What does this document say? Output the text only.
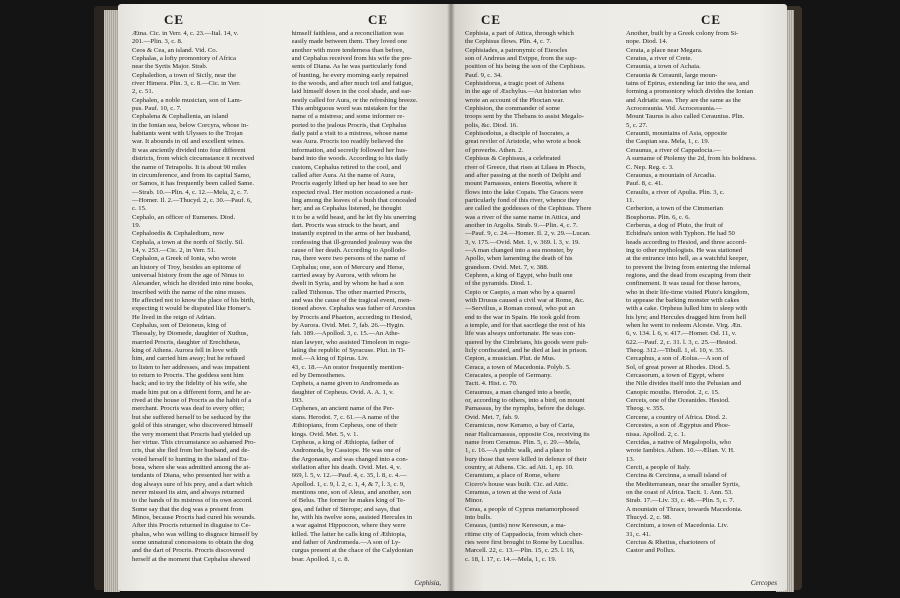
CE	CE
Ætna. Cic. in Verr. 4, c. 23.—Ital. 14, v.
201.—Plin. 3, c. 8.
Ceos & Cea, an island. Vid. Co.
Cephalas, a lofty promontory of Africa
near the Syrtis Major. Strab.
Cephaledion, a town of Sicily, near the
river Himera. Plin. 3, c. 8.—Cic. in Verr.
2, c. 51.
Cephalen, a noble musician, son of Lam-
pus. Pauf. 10, c. 7.
Cephalena & Cephallenia, an island
in the Ionian sea, below Corcyra, whose in-
habitants went with Ulysses to the Trojan
war. It abounds in oil and excellent wines.
It was anciently divided into four different
districts, from which circumstance it received
the name of Tetrapolis. It is about 90 miles
in circumference, and from its capital Samo,
or Samos, it has frequently been called Same.
—Strab. 10.—Plin. 4, c. 12.—Mela, 2, c. 7.
—Homer. Il. 2.—Thucyd. 2, c. 30.—Pauf. 6,
c. 15.
Cephalo, an officer of Eumenes. Diod.
19.
Cephaloedis & Cephaledium, now
Cephala, a town at the north of Sicily. Sil.
14, v. 253.—Cic. 2, in Verr. 51.
Cephalon, a Greek of Ionia, who wrote
an history of Troy, besides an epitome of
universal history from the age of Ninus to
Alexander, which he divided into nine books,
inscribed with the name of the nine muses.
He affected not to know the place of his birth,
expecting it would be disputed like Homer's.
He lived in the reign of Adrian.
Cephalus, son of Deioneus, king of
Thessaly, by Diomede, daughter of Xuthus,
married Procris, daughter of Erechtheus,
king of Athens. Aurora fell in love with
him, and carried him away; but he refused
to listen to her addresses, and was impatient
to return to Procris. The goddess sent him
back; and to try the fidelity of his wife, she
made him put on a different form, and he ar-
rived at the house of Procris as the habit of a
merchant. Procris was deaf to every offer;
but she suffered herself to be seduced by the
gold of this stranger, who discovered himself
the very moment that Procris had yielded up
her virtue. This circumstance so ashamed Pro-
cris, that she fled from her husband, and de-
voted herself to hunting in the island of Eu-
boea, where she was admitted among the at-
tendants of Diana, who presented her with a
dog always sure of his prey, and a dart which
never missed its aim, and always returned
to the hands of its mistress of its own accord.
Some say that the dog was a present from
Minos, because Procris had cured his wounds.
After this Procris returned in disguise to Ce-
phalus, who was willing to disgrace himself by
some unnatural concessions to obtain the dog
and the dart of Procris. Procris discovered
herself at the moment that Cephalus shewed
himself faithless, and a reconciliation was
easily made between them. They loved one
another with more tenderness than before,
and Cephalus received from his wife the pre-
sents of Diana. As he was particularly fond
of hunting, he every morning early repaired
to the woods, and after much toil and fatigue,
laid himself down in the cool shade, and ear-
nestly called for Aura, or the refreshing breeze.
This ambiguous word was mistaken for the
name of a mistress; and some informer re-
ported to the jealous Procris, that Cephalus
daily paid a visit to a mistress, whose name
was Aura. Procris too readily believed the
information, and secretly followed her hus-
band into the woods. According to his daily
custom, Cephalus retired to the cool, and
called after Aura. At the name of Aura,
Procris eagerly lifted up her head to see her
expected rival. Her motion occasioned a rust-
ling among the leaves of a bush that concealed
her; and as Cephalus listened, he thought
it to be a wild beast, and he let fly his unerring
dart. Procris was struck to the heart, and
instantly expired in the arms of her husband,
confessing that ill-grounded jealousy was the
cause of her death. According to Apollodo-
rus, there were two persons of the name of
Cephalus; one, son of Mercury and Herse,
carried away by Aurora, with whom he
dwelt in Syria, and by whom he had a son
called Tithonus. The other married Procris,
and was the cause of the tragical event, men-
tioned above. Cephalus was father of Arcesius
by Procris and Phaeton, according to Hesiod,
by Aurora. Ovid. Met. 7, fab. 26.—Hygin.
fab. 189.—Apollod. 3, c. 15.—An Athe-
nian lawyer, who assisted Timoleon in regu-
lating the republic of Syracuse. Plut. in Ti-
mol.—A king of Epirus. Liv.
43, c. 18.—An orator frequently mention-
ed by Demosthenes.
Cepheis, a name given to Andromeda as
daughter of Cepheus. Ovid. A. A. 1, v.
193.
Cephenes, an ancient name of the Per-
sians. Herodot. 7, c. 61.—A name of the
Æthiopians, from Cepheus, one of their
kings. Ovid. Met. 5, v. 1.
Cepheus, a king of Æthiopia, father of
Andromeda, by Cassiope. He was one of
the Argonauts, and was changed into a con-
stellation after his death. Ovid. Met. 4, v.
669, l. 5, v. 12.—Pauf. 4, c. 35, l. 8, c. 4.—
Apollod. 1, c. 9, l. 2, c. 1, 4, & 7, l. 3, c. 9,
mentions one, son of Aleus, and another, son
of Belus. The former he makes king of Te-
gea, and father of Sterope; and says, that
he, with his twelve sons, assisted Hercules in
a war against Hippocoon, where they were
killed. The latter he calls king of Æthiopia,
and father of Andromeda.—A son of Ly-
curgus present at the chace of the Calydonian
boar. Apollod. 1, c. 8.
Cephisia,
CE	CE
Cephisia, a part of Attica, through which
the Cephisus flows. Plin. 4, c. 7.
Cephisiades, a patronymic of Eteocles
son of Andreus and Evippe, from the sup-
position of his being the son of the Cephisus.
Pauf. 9, c. 34.
Cephisidorus, a tragic poet of Athens
in the age of Æschylus.—An historian who
wrote an account of the Phocian war.
Cephision, the commander of some
troops sent by the Thebans to assist Megalo-
polis, &c. Diod. 16.
Cephisodotus, a disciple of Isocrates, a
great reviler of Aristotle, who wrote a book
of proverbs. Athen. 2.
Cephisus & Cephissus, a celebrated
river of Greece, that rises at Lilaea in Phocis,
and after passing at the north of Delphi and
mount Parnassus, enters Boeotia, where it
flows into the lake Copais. The Graces were
particularly fond of this river, whence they
are called the goddesses of the Cephisus. There
was a river of the same name in Attica, and
another in Argolis. Strab. 9.—Plin. 4, c. 7.
—Pauf. 9, c. 24.—Homer. Il. 2, v. 29.—Lucan.
3, v. 175.—Ovid. Met. 1, v. 369. l. 3, v. 19.
—A man changed into a sea monster, by
Apollo, when lamenting the death of his
grandson. Ovid. Met. 7, v. 388.
Cephren, a king of Egypt, who built one
of the pyramids. Diod. 1.
Cepio or Caepio, a man who by a quarrel
with Drusus caused a civil war at Rome, &c.
—Servilius, a Roman consul, who put an
end to the war in Spain. He took gold from
a temple, and for that sacrilege the rest of his
life was always unfortunate. He was con-
quered by the Cimbrians, his goods were pub-
licly confiscated, and he died at last in prison.
Cepion, a musician. Plut. de Mus.
Ceraca, a town of Macedonia. Polyb. 5.
Ceracates, a people of Germany.
Tacit. 4. Hist. c. 70.
Ceraumus, a man changed into a beetle,
or, according to others, into a bird, on mount
Parnassus, by the nymphs, before the deluge.
Ovid. Met. 7, fab. 9.
Ceramicus, now Keramo, a bay of Caria,
near Halicarnassus, opposite Cos, receiving its
name from Ceramus. Plin. 5, c. 29.—Mela,
1, c. 16.—A public walk, and a place to
bury those that were killed in defence of their
country, at Athens. Cic. ad Att. 1, ep. 10.
Ceramium, a place of Rome, where
Cicero's house was built. Cic. ad Attic.
Ceramus, a town at the west of Asia
Minor.
Ceras, a people of Cyprus metamorphosed
into bulls.
Cerasus, (untis) now Keresoun, a ma-
ritime city of Cappadocia, from which cher-
ries were first brought to Rome by Lucullus.
Marcell. 22, c. 13.—Plin. 15, c. 25. l. 16,
c. 18, l. 17, c. 14.—Mela, 1, c. 19.
Another, built by a Greek colony from Si-
nope. Diod. 14.
Cerata, a place near Megara.
Ceratus, a river of Crete.
Ceraunia, a town of Achaia.
Ceraunia & Ceraunii, large moun-
tains of Epirus, extending far into the sea, and
forming a promontory which divides the Ionian
and Adriatic seas. They are the same as the
Acroceraunia. Vid. Acroceraunia.—
Mount Taurus is also called Ceraunius. Plin.
5, c. 27.
Ceraunii, mountains of Asia, opposite
the Caspian sea. Mela, 1, c. 19.
Ceraunus, a river of Cappadocia.—
A surname of Ptolemy the 2d, from his boldness.
C. Nep. Reg. c. 3.
Ceraunus, a mountain of Arcadia.
Pauf. 8, c. 41.
Ceraulis, a river of Apulia. Plin. 3, c.
11.
Cerberion, a town of the Cimmerian
Bosphorus. Plin. 6, c. 6.
Cerberus, a dog of Pluto, the fruit of
Echidna's union with Typhon. He had 50
heads according to Hesiod, and three accord-
ing to other mythologists. He was stationed
at the entrance into hell, as a watchful keeper,
to prevent the living from entering the infernal
regions, and the dead from escaping from their
confinement. It was usual for those heroes,
who in their life-time visited Pluto's kingdom,
to appease the barking monster with cakes
with a cake. Orpheus lulled him to sleep with
his lyre; and Hercules dragged him from hell
when he went to redeem Alceste. Virg. Æn.
6, v. 134. l. 6, v. 417.—Homer. Od. 11, v.
622.—Pauf. 2, c. 31. l. 3, c. 25.—Hesiod.
Theog. 312.—Tibull. 1, el. 10, v. 35.
Cercaphus, a son of Æolus.—A son of
Sol, of great power at Rhodes. Diod. 5.
Cercasorum, a town of Egypt, where
the Nile divides itself into the Pelusian and
Canopic mouths. Herodot. 2, c. 15.
Cerceis, one of the Oceanides. Hesiod.
Theog. v. 355.
Cercene, a country of Africa. Diod. 2.
Cercestes, a son of Ægyptus and Phoe-
nissa. Apollod. 2, c. 1.
Cercidas, a native of Megalopolis, who
wrote Iambics. Athen. 10.—Ælian. V. H.
13.
Cercii, a people of Italy.
Cercina & Cercinna, a small island of
the Mediterranean, near the smaller Syrtis,
on the coast of Africa. Tacit. 1. Ann. 53.
Strab. 17.—Liv. 33, c. 48.—Plin. 5, c. 7.
A mountain of Thrace, towards Macedonia.
Thucyd. 2, c. 98.
Cercinium, a town of Macedonia. Liv.
31, c. 41.
Cercius & Rhetius, charioteers of
Castor and Pollux.
Cercopes
